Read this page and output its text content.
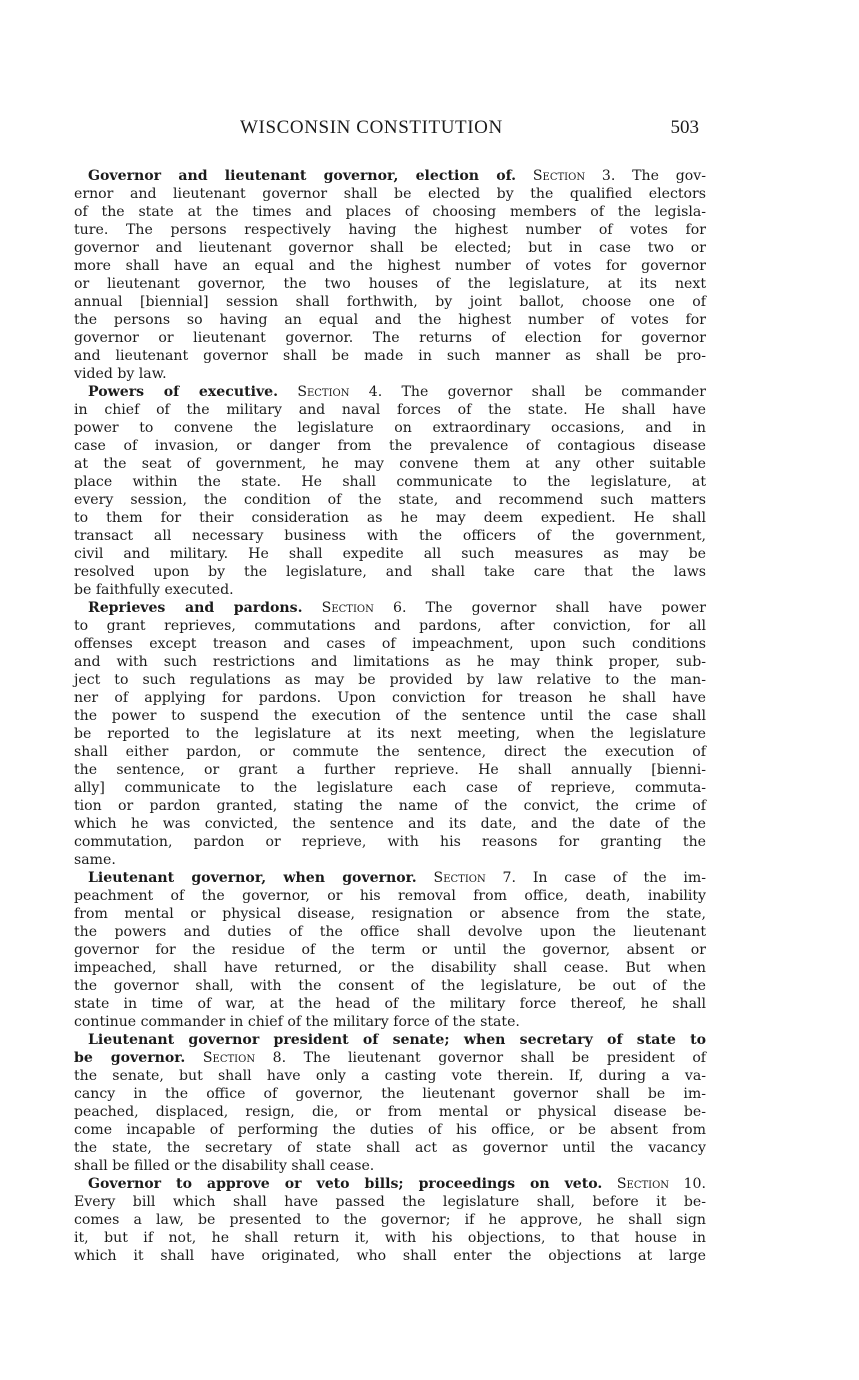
WISCONSIN CONSTITUTION	503
Governor and lieutenant governor, election of. Section 3. The gov-
ernor and lieutenant governor shall be elected by the qualified electors
of the state at the times and places of choosing members of the legisla-
ture. The persons respectively having the highest number of votes for
governor and lieutenant governor shall be elected; but in case two or
more shall have an equal and the highest number of votes for governor
or lieutenant governor, the two houses of the legislature, at its next
annual [biennial] session shall forthwith, by joint ballot, choose one of
the persons so having an equal and the highest number of votes for
governor or lieutenant governor. The returns of election for governor
and lieutenant governor shall be made in such manner as shall be pro-
vided by law.
Powers of executive. Section 4. The governor shall be commander
in chief of the military and naval forces of the state. He shall have
power to convene the legislature on extraordinary occasions, and in
case of invasion, or danger from the prevalence of contagious disease
at the seat of government, he may convene them at any other suitable
place within the state. He shall communicate to the legislature, at
every session, the condition of the state, and recommend such matters
to them for their consideration as he may deem expedient. He shall
transact all necessary business with the officers of the government,
civil and military. He shall expedite all such measures as may be
resolved upon by the legislature, and shall take care that the laws
be faithfully executed.
Reprieves and pardons. Section 6. The governor shall have power
to grant reprieves, commutations and pardons, after conviction, for all
offenses except treason and cases of impeachment, upon such conditions
and with such restrictions and limitations as he may think proper, sub-
ject to such regulations as may be provided by law relative to the man-
ner of applying for pardons. Upon conviction for treason he shall have
the power to suspend the execution of the sentence until the case shall
be reported to the legislature at its next meeting, when the legislature
shall either pardon, or commute the sentence, direct the execution of
the sentence, or grant a further reprieve. He shall annually [bienni-
ally] communicate to the legislature each case of reprieve, commuta-
tion or pardon granted, stating the name of the convict, the crime of
which he was convicted, the sentence and its date, and the date of the
commutation, pardon or reprieve, with his reasons for granting the
same.
Lieutenant governor, when governor. Section 7. In case of the im-
peachment of the governor, or his removal from office, death, inability
from mental or physical disease, resignation or absence from the state,
the powers and duties of the office shall devolve upon the lieutenant
governor for the residue of the term or until the governor, absent or
impeached, shall have returned, or the disability shall cease. But when
the governor shall, with the consent of the legislature, be out of the
state in time of war, at the head of the military force thereof, he shall
continue commander in chief of the military force of the state.
Lieutenant governor president of senate; when secretary of state to
be governor. Section 8. The lieutenant governor shall be president of
the senate, but shall have only a casting vote therein. If, during a va-
cancy in the office of governor, the lieutenant governor shall be im-
peached, displaced, resign, die, or from mental or physical disease be-
come incapable of performing the duties of his office, or be absent from
the state, the secretary of state shall act as governor until the vacancy
shall be filled or the disability shall cease.
Governor to approve or veto bills; proceedings on veto. Section 10.
Every bill which shall have passed the legislature shall, before it be-
comes a law, be presented to the governor; if he approve, he shall sign
it, but if not, he shall return it, with his objections, to that house in
which it shall have originated, who shall enter the objections at large
